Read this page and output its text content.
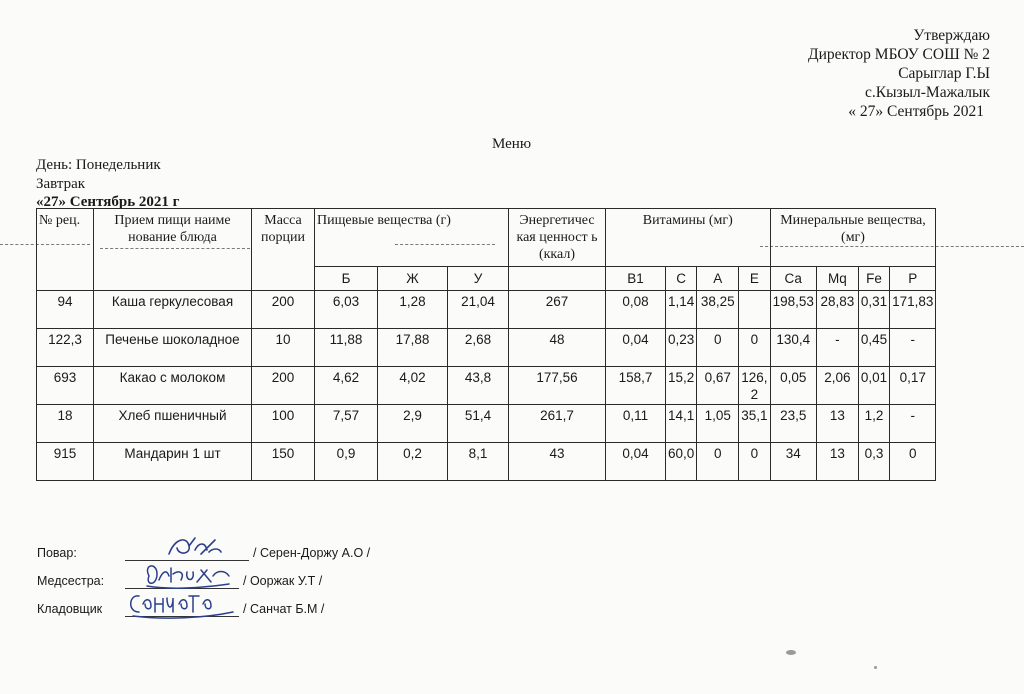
Утверждаю
Директор МБОУ СОШ № 2
Сарыглар Г.Ы
с.Кызыл-Мажалык
« 27» Сентябрь 2021
Меню
День: Понедельник
Завтрак
«27» Сентябрь 2021 г
№ рец.	Прием пищи наиме нование блюда	Масса порции	Пищевые вещества (г)			Энергетичес кая ценност ь (ккал)	Витамины (мг)				Минеральные вещества, (мг)			
			Б	Ж	У		В1	С	А	Е	Са	Мq	Fe	Р
94	Каша геркулесовая	200	6,03	1,28	21,04	267	0,08	1,14	38,25		198,53	28,83	0,31	171,83
122,3	Печенье шоколадное	10	11,88	17,88	2,68	48	0,04	0,23	0	0	130,4	-	0,45	-
693	Какао с молоком	200	4,62	4,02	43,8	177,56	158,7	15,2	0,67	126, 2	0,05	2,06	0,01	0,17
18	Хлеб пшеничный	100	7,57	2,9	51,4	261,7	0,11	14,1	1,05	35,1	23,5	13	1,2	-
915	Мандарин 1 шт	150	0,9	0,2	8,1	43	0,04	60,0	0	0	34	13	0,3	0
Повар:	/ Серен-Доржу А.О /
Медсестра:	/ Ооржак У.Т /
Кладовщик	/ Санчат Б.М /
